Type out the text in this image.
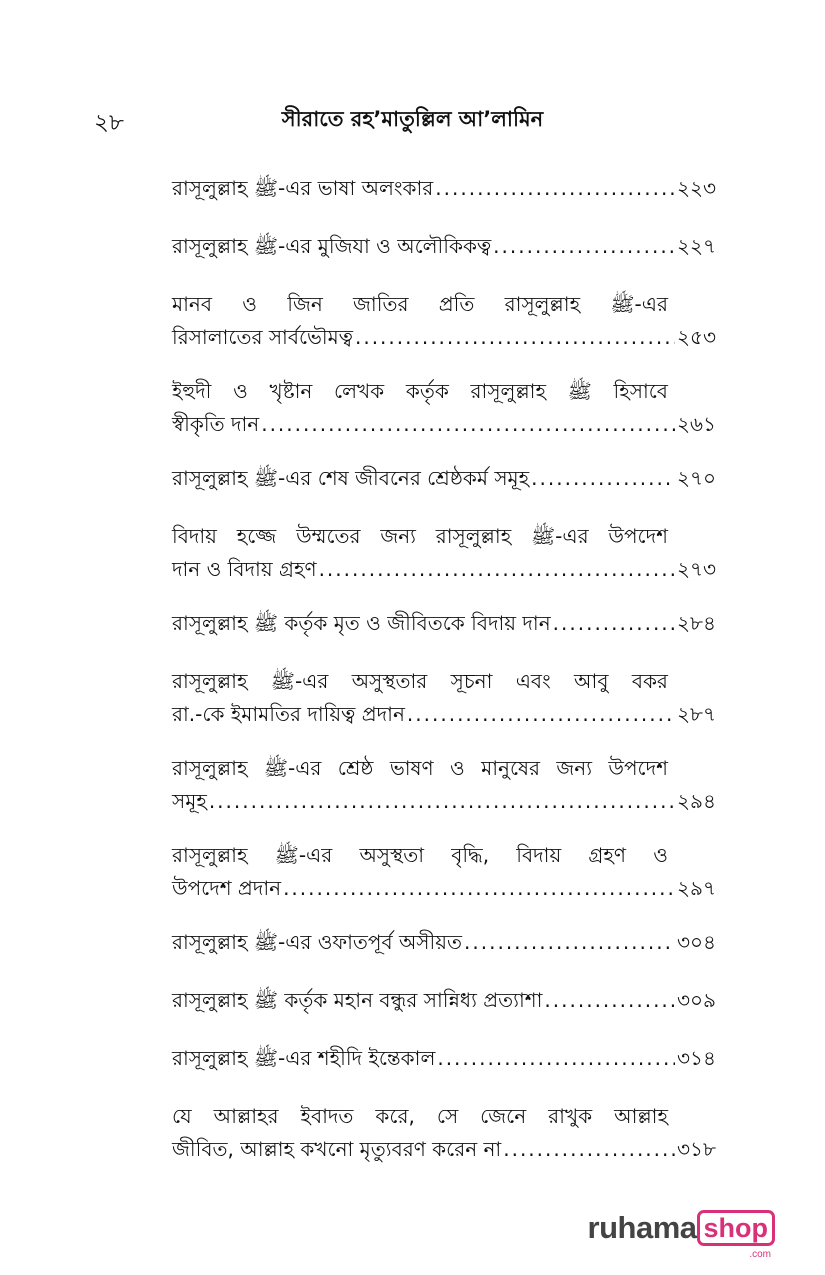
২৮	সীরাতে রহ’মাতুল্লিল আ’লামিন
রাসূলুল্লাহ ﷺ-এর ভাষা অলংকার .....	২২৩
রাসূলুল্লাহ ﷺ-এর মুজিযা ও অলৌকিকত্ব .....	২২৭
মানব ও জিন জাতির প্রতি রাসূলুল্লাহ ﷺ-এর
রিসালাতের সার্বভৌমত্ব .....	২৫৩
ইহুদী ও খৃষ্টান লেখক কর্তৃক রাসূলুল্লাহ ﷺ হিসাবে
স্বীকৃতি দান .....	২৬১
রাসূলুল্লাহ ﷺ-এর শেষ জীবনের শ্রেষ্ঠকর্ম সমূহ .....	২৭০
বিদায় হজ্জে উম্মতের জন্য রাসূলুল্লাহ ﷺ-এর উপদেশ
দান ও বিদায় গ্রহণ .....	২৭৩
রাসূলুল্লাহ ﷺ কর্তৃক মৃত ও জীবিতকে বিদায় দান .....	২৮৪
রাসূলুল্লাহ ﷺ-এর অসুস্থতার সূচনা এবং আবু বকর
রা.-কে ইমামতির দায়িত্ব প্রদান .....	২৮৭
রাসূলুল্লাহ ﷺ-এর শ্রেষ্ঠ ভাষণ ও মানুষের জন্য উপদেশ
সমূহ .....	২৯৪
রাসূলুল্লাহ ﷺ-এর অসুস্থতা বৃদ্ধি, বিদায় গ্রহণ ও
উপদেশ প্রদান .....	২৯৭
রাসূলুল্লাহ ﷺ-এর ওফাতপূর্ব অসীয়ত .....	৩০৪
রাসূলুল্লাহ ﷺ কর্তৃক মহান বন্ধুর সান্নিধ্য প্রত্যাশা .....	৩০৯
রাসূলুল্লাহ ﷺ-এর শহীদি ইন্তেকাল .....	৩১৪
যে আল্লাহর ইবাদত করে, সে জেনে রাখুক আল্লাহ
জীবিত, আল্লাহ কখনো মৃত্যুবরণ করেন না .....	৩১৮
ruhama shop
.com
